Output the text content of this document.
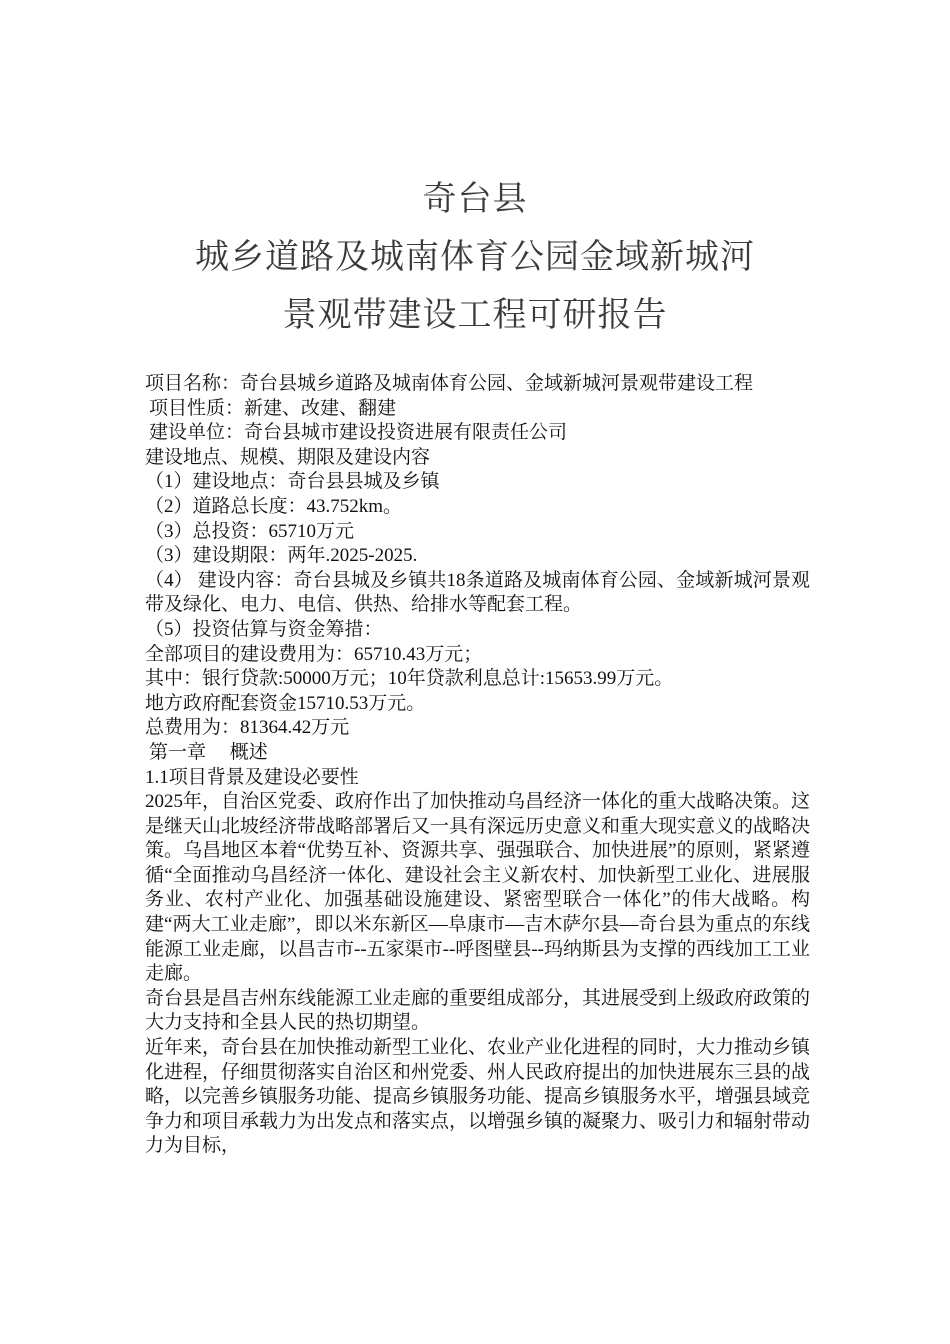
奇台县
城乡道路及城南体育公园金域新城河
景观带建设工程可研报告

项目名称：奇台县城乡道路及城南体育公园、金域新城河景观带建设工程

项目性质：新建、改建、翻建

建设单位：奇台县城市建设投资进展有限责任公司

建设地点、规模、期限及建设内容

（1）建设地点：奇台县县城及乡镇

（2）道路总长度：43.752km。

（3）总投资：65710万元

（3）建设期限：两年.2025-2025.

（4） 建设内容：奇台县城及乡镇共18条道路及城南体育公园、金域新城河景观带及绿化、电力、电信、供热、给排水等配套工程。

（5）投资估算与资金筹措：

全部项目的建设费用为：65710.43万元；

其中：银行贷款:50000万元；10年贷款利息总计:15653.99万元。

地方政府配套资金15710.53万元。

总费用为：81364.42万元

第一章　 概述

1.1项目背景及建设必要性

2025年，自治区党委、政府作出了加快推动乌昌经济一体化的重大战略决策。这是继天山北坡经济带战略部署后又一具有深远历史意义和重大现实意义的战略决策。乌昌地区本着“优势互补、资源共享、强强联合、加快进展”的原则，紧紧遵循“全面推动乌昌经济一体化、建设社会主义新农村、加快新型工业化、进展服务业、农村产业化、加强基础设施建设、紧密型联合一体化”的伟大战略。构建“两大工业走廊”，即以米东新区—阜康市—吉木萨尔县—奇台县为重点的东线能源工业走廊，以昌吉市--五家渠市--呼图壁县--玛纳斯县为支撑的西线加工工业走廊。

奇台县是昌吉州东线能源工业走廊的重要组成部分，其进展受到上级政府政策的大力支持和全县人民的热切期望。

近年来，奇台县在加快推动新型工业化、农业产业化进程的同时，大力推动乡镇化进程，仔细贯彻落实自治区和州党委、州人民政府提出的加快进展东三县的战略，以完善乡镇服务功能、提高乡镇服务功能、提高乡镇服务水平，增强县域竞争力和项目承载力为出发点和落实点，以增强乡镇的凝聚力、吸引力和辐射带动力为目标，
